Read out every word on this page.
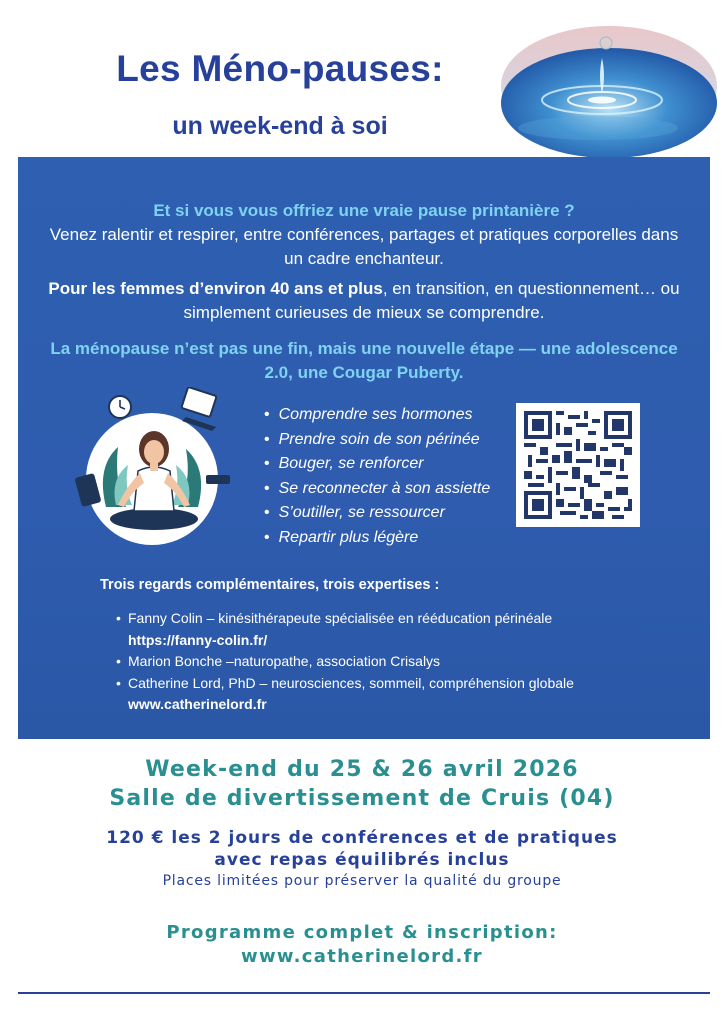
Les Méno-pauses:
un week-end à soi
Et si vous vous offriez une vraie pause printanière ?
Venez ralentir et respirer, entre conférences, partages et pratiques corporelles dans un cadre enchanteur.
Pour les femmes d’environ 40 ans et plus, en transition, en questionnement… ou simplement curieuses de mieux se comprendre.
La ménopause n’est pas une fin, mais une nouvelle étape — une adolescence 2.0, une Cougar Puberty.
• Comprendre ses hormones
• Prendre soin de son périnée
• Bouger, se renforcer
• Se reconnecter à son assiette
• S’outiller, se ressourcer
• Repartir plus légère
Trois regards complémentaires, trois expertises :
• Fanny Colin – kinésithérapeute spécialisée en rééducation périnéale
https://fanny-colin.fr/
• Marion Bonche –naturopathe, association Crisalys
• Catherine Lord, PhD – neurosciences, sommeil, compréhension globale www.catherinelord.fr
Week-end du 25 & 26 avril 2026
Salle de divertissement de Cruis (04)
120 € les 2 jours de conférences et de pratiques
avec repas équilibrés inclus
Places limitées pour préserver la qualité du groupe
Programme complet & inscription:
www.catherinelord.fr
